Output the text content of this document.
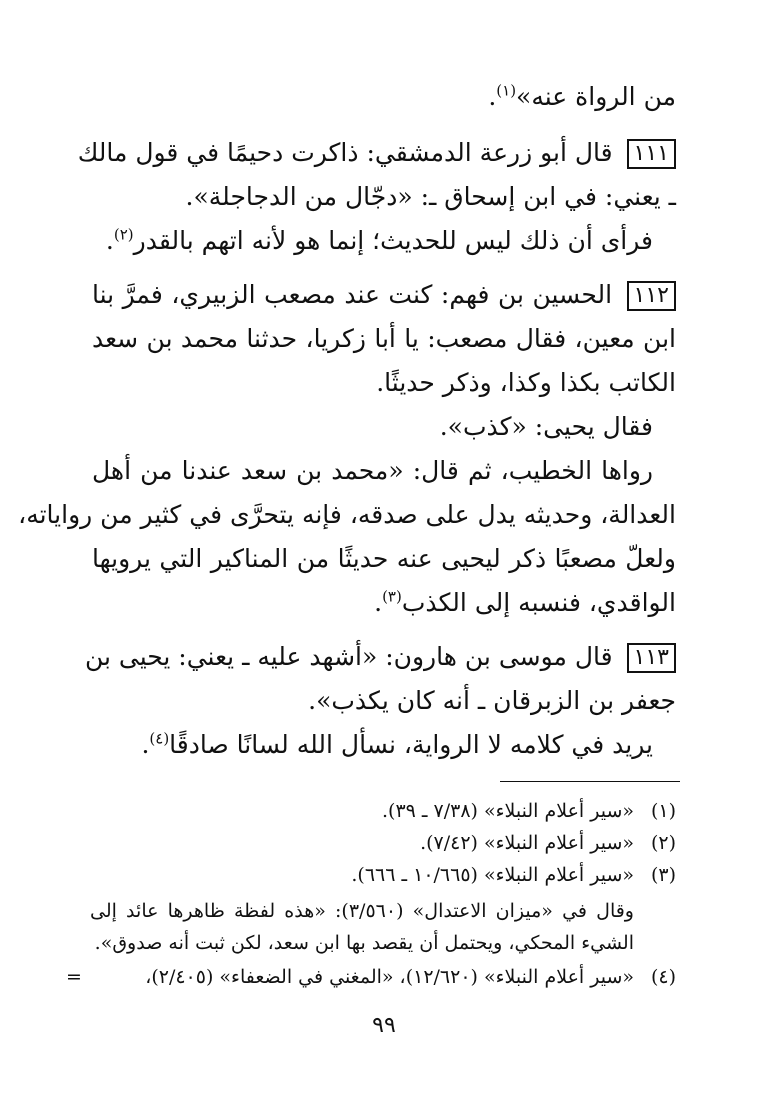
من الرواة عنه»$^{(١)}$.
١١١ قال أبو زرعة الدمشقي: ذاكرت دحيمًا في قول مالك
ـ يعني: في ابن إسحاق ـ: «دجّال من الدجاجلة».
فرأى أن ذلك ليس للحديث؛ إنما هو لأنه اتهم بالقدر$^{(٢)}$.
١١٢ الحسين بن فهم: كنت عند مصعب الزبيري، فمرَّ بنا
ابن معين، فقال مصعب: يا أبا زكريا، حدثنا محمد بن سعد
الكاتب بكذا وكذا، وذكر حديثًا.
فقال يحيى: «كذب».
رواها الخطيب، ثم قال: «محمد بن سعد عندنا من أهل
العدالة، وحديثه يدل على صدقه، فإنه يتحرَّى في كثير من رواياته،
ولعلّ مصعبًا ذكر ليحيى عنه حديثًا من المناكير التي يرويها
الواقدي، فنسبه إلى الكذب$^{(٣)}$.
١١٣ قال موسى بن هارون: «أشهد عليه ـ يعني: يحيى بن
جعفر بن الزبرقان ـ أنه كان يكذب».
يريد في كلامه لا الرواية، نسأل الله لسانًا صادقًا$^{(٤)}$.
(١)«سير أعلام النبلاء» (٧/٣٨ ـ ٣٩).
(٢)«سير أعلام النبلاء» (٧/٤٢).
(٣)«سير أعلام النبلاء» (١٠/٦٦٥ ـ ٦٦٦).
وقال في «ميزان الاعتدال» (٣/٥٦٠): «هذه لفظة ظاهرها عائد إلى
الشيء المحكي، ويحتمل أن يقصد بها ابن سعد، لكن ثبت أنه صدوق».
(٤)«سير أعلام النبلاء» (١٢/٦٢٠)، «المغني في الضعفاء» (٢/٤٠٥)،
=
٩٩
